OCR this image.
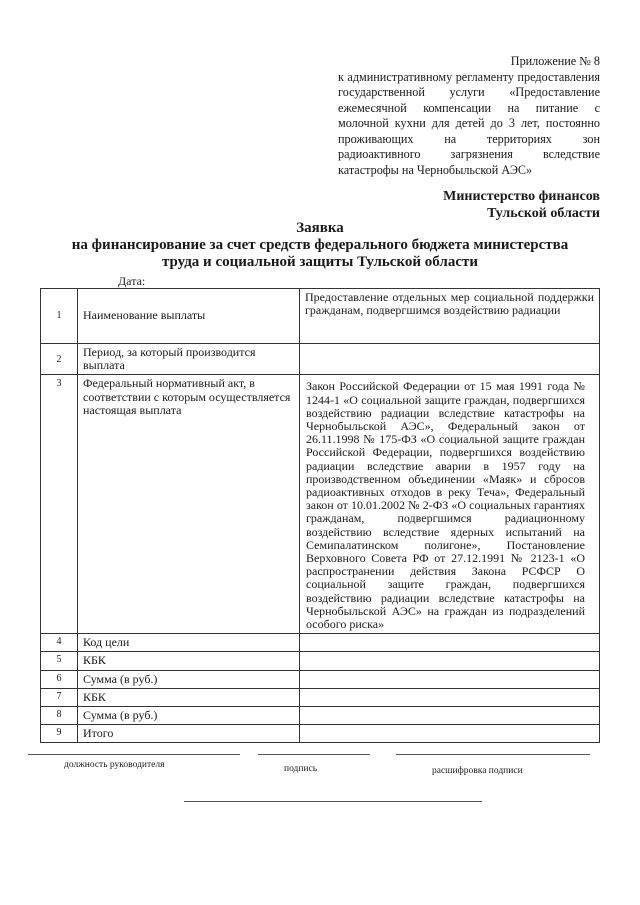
Приложение № 8
к административному регламенту предоставления государственной услуги «Предоставление ежемесячной компенсации на питание с молочной кухни для детей до 3 лет, постоянно проживающих на территориях зон радиоактивного загрязнения вследствие катастрофы на Чернобыльской АЭС»
Министерство финансов
Тульской области
Заявка
на финансирование за счет средств федерального бюджета министерства
труда и социальной защиты Тульской области
Дата:
1	Наименование выплаты	Предоставление отдельных мер социальной поддержки гражданам, подвергшимся воздействию радиации
2	Период, за который производится выплата	
3	Федеральный нормативный акт, в соответствии с которым осуществляется настоящая выплата	Закон Российской Федерации от 15 мая 1991 года № 1244-1 «О социальной защите граждан, подвергшихся воздействию радиации вследствие катастрофы на Чернобыльской АЭС», Федеральный закон от 26.11.1998 № 175-ФЗ «О социальной защите граждан Российской Федерации, подвергшихся воздействию радиации вследствие аварии в 1957 году на производственном объединении «Маяк» и сбросов радиоактивных отходов в реку Теча», Федеральный закон от 10.01.2002 № 2-ФЗ «О социальных гарантиях гражданам, подвергшимся радиационному воздействию вследствие ядерных испытаний на Семипалатинском полигоне», Постановление Верховного Совета РФ от 27.12.1991 № 2123-1 «О распространении действия Закона РСФСР О социальной защите граждан, подвергшихся воздействию радиации вследствие катастрофы на Чернобыльской АЭС» на граждан из подразделений особого риска»
4	Код цели	
5	КБК	
6	Сумма (в руб.)	
7	КБК	
8	Сумма (в руб.)	
9	Итого	
должность руководителя	подпись	расшифровка подписи
